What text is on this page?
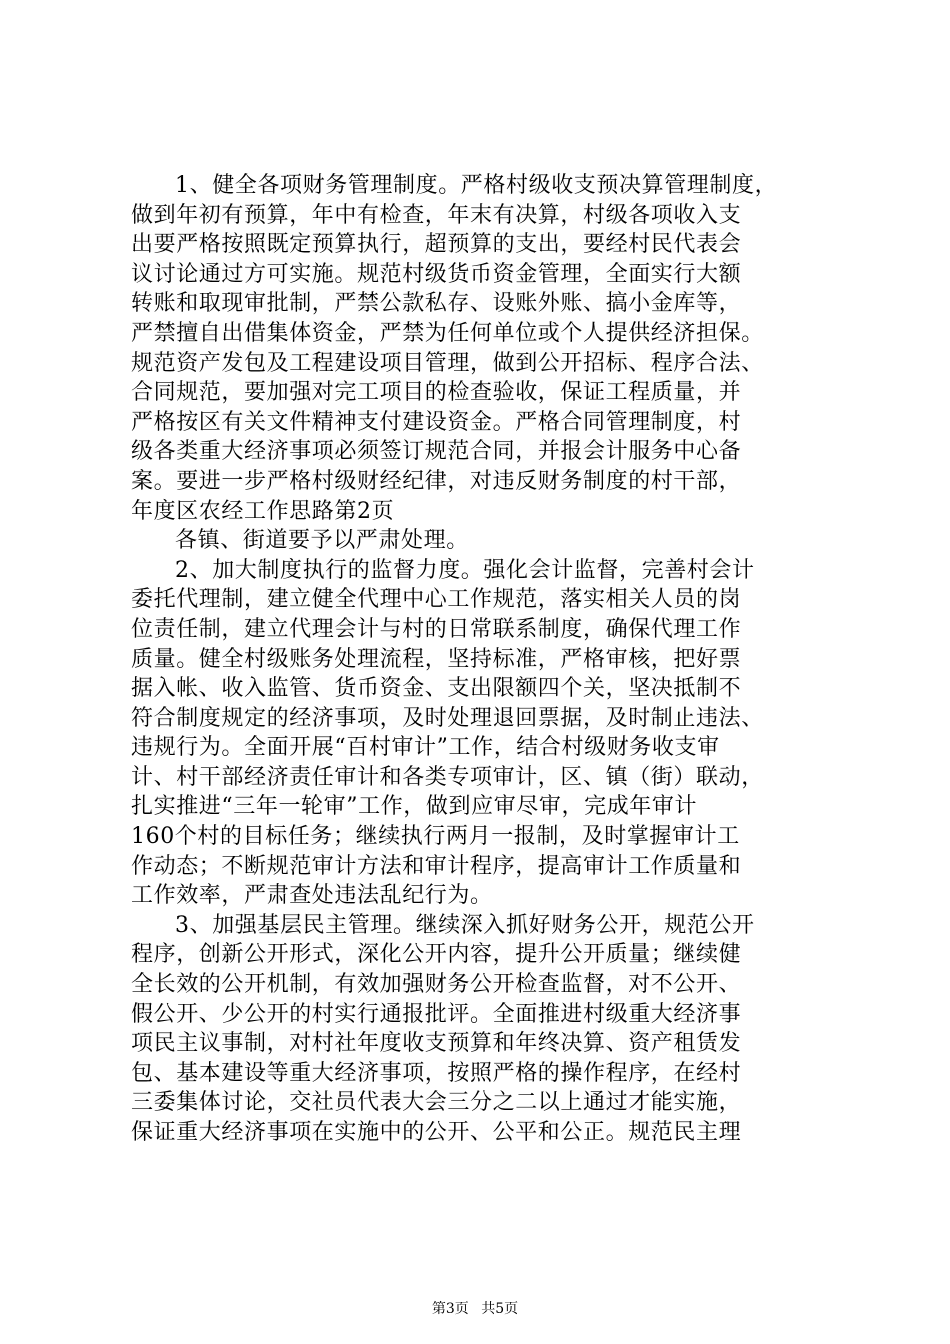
1、健全各项财务管理制度。严格村级收支预决算管理制度，
做到年初有预算，年中有检查，年末有决算，村级各项收入支
出要严格按照既定预算执行，超预算的支出，要经村民代表会
议讨论通过方可实施。规范村级货币资金管理，全面实行大额
转账和取现审批制，严禁公款私存、设账外账、搞小金库等，
严禁擅自出借集体资金，严禁为任何单位或个人提供经济担保。
规范资产发包及工程建设项目管理，做到公开招标、程序合法、
合同规范，要加强对完工项目的检查验收，保证工程质量，并
严格按区有关文件精神支付建设资金。严格合同管理制度，村
级各类重大经济事项必须签订规范合同，并报会计服务中心备
案。要进一步严格村级财经纪律，对违反财务制度的村干部，
年度区农经工作思路第2页
各镇、街道要予以严肃处理。
2、加大制度执行的监督力度。强化会计监督，完善村会计
委托代理制，建立健全代理中心工作规范，落实相关人员的岗
位责任制，建立代理会计与村的日常联系制度，确保代理工作
质量。健全村级账务处理流程，坚持标准，严格审核，把好票
据入帐、收入监管、货币资金、支出限额四个关，坚决抵制不
符合制度规定的经济事项，及时处理退回票据，及时制止违法、
违规行为。全面开展“百村审计”工作，结合村级财务收支审
计、村干部经济责任审计和各类专项审计，区、镇（街）联动，
扎实推进“三年一轮审”工作，做到应审尽审，完成年审计
160个村的目标任务；继续执行两月一报制，及时掌握审计工
作动态；不断规范审计方法和审计程序，提高审计工作质量和
工作效率，严肃查处违法乱纪行为。
3、加强基层民主管理。继续深入抓好财务公开，规范公开
程序，创新公开形式，深化公开内容，提升公开质量；继续健
全长效的公开机制，有效加强财务公开检查监督，对不公开、
假公开、少公开的村实行通报批评。全面推进村级重大经济事
项民主议事制，对村社年度收支预算和年终决算、资产租赁发
包、基本建设等重大经济事项，按照严格的操作程序，在经村
三委集体讨论，交社员代表大会三分之二以上通过才能实施，
保证重大经济事项在实施中的公开、公平和公正。规范民主理
第3页 共5页
